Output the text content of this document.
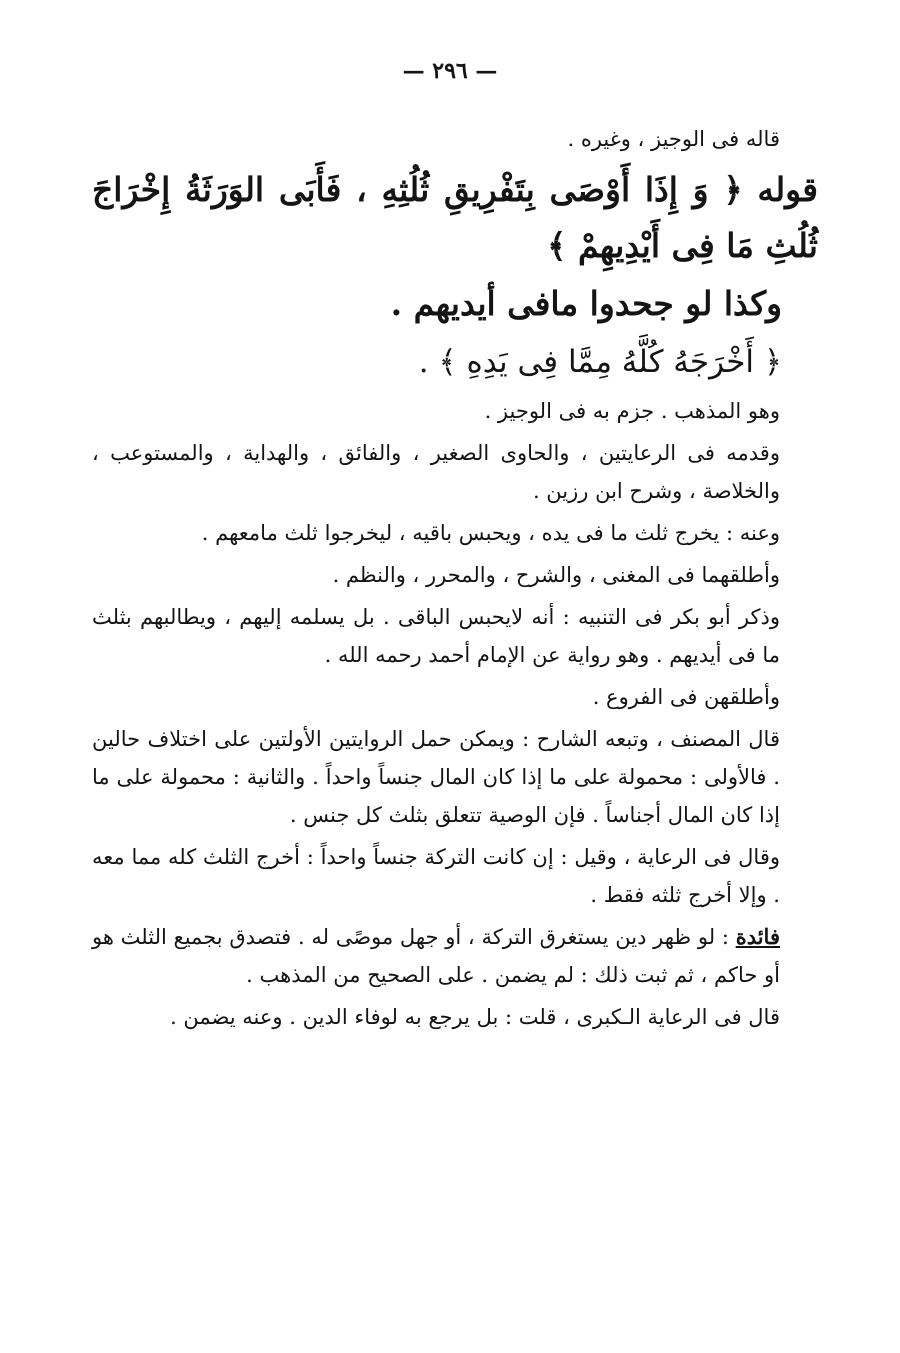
— ٢٩٦ —

قاله فى الوجيز ، وغيره .

قوله ﴿ وَ إِذَا أَوْصَى بِتَفْرِيقِ ثُلُثِهِ ، فَأَبَى الوَرَثَةُ إِخْرَاجَ ثُلُثِ مَا فِى أَيْدِيهِمْ ﴾

وكذا لو جحدوا مافى أيديهم .

﴿ أَخْرَجَهُ كُلَّهُ مِمَّا فِى يَدِهِ ﴾ .

وهو المذهب . جزم به فى الوجيز .

وقدمه فى الرعايتين ، والحاوى الصغير ، والفائق ، والهداية ، والمستوعب ، والخلاصة ، وشرح ابن رزين .

وعنه : يخرج ثلث ما فى يده ، ويحبس باقيه ، ليخرجوا ثلث مامعهم .

وأطلقهما فى المغنى ، والشرح ، والمحرر ، والنظم .

وذكر أبو بكر فى التنبيه : أنه لايحبس الباقى . بل يسلمه إليهم ، ويطالبهم بثلث ما فى أيديهم . وهو رواية عن الإمام أحمد رحمه الله .

وأطلقهن فى الفروع .

قال المصنف ، وتبعه الشارح : ويمكن حمل الروايتين الأولتين على اختلاف حالين . فالأولى : محمولة على ما إذا كان المال جنساً واحداً . والثانية : محمولة على ما إذا كان المال أجناساً . فإن الوصية تتعلق بثلث كل جنس .

وقال فى الرعاية ، وقيل : إن كانت التركة جنساً واحداً : أخرج الثلث كله مما معه . وإلا أخرج ثلثه فقط .

فائدة : لو ظهر دين يستغرق التركة ، أو جهل موصًى له . فتصدق بجميع الثلث هو أو حاكم ، ثم ثبت ذلك : لم يضمن . على الصحيح من المذهب .

قال فى الرعاية الـكبرى ، قلت : بل يرجع به لوفاء الدين . وعنه يضمن .
